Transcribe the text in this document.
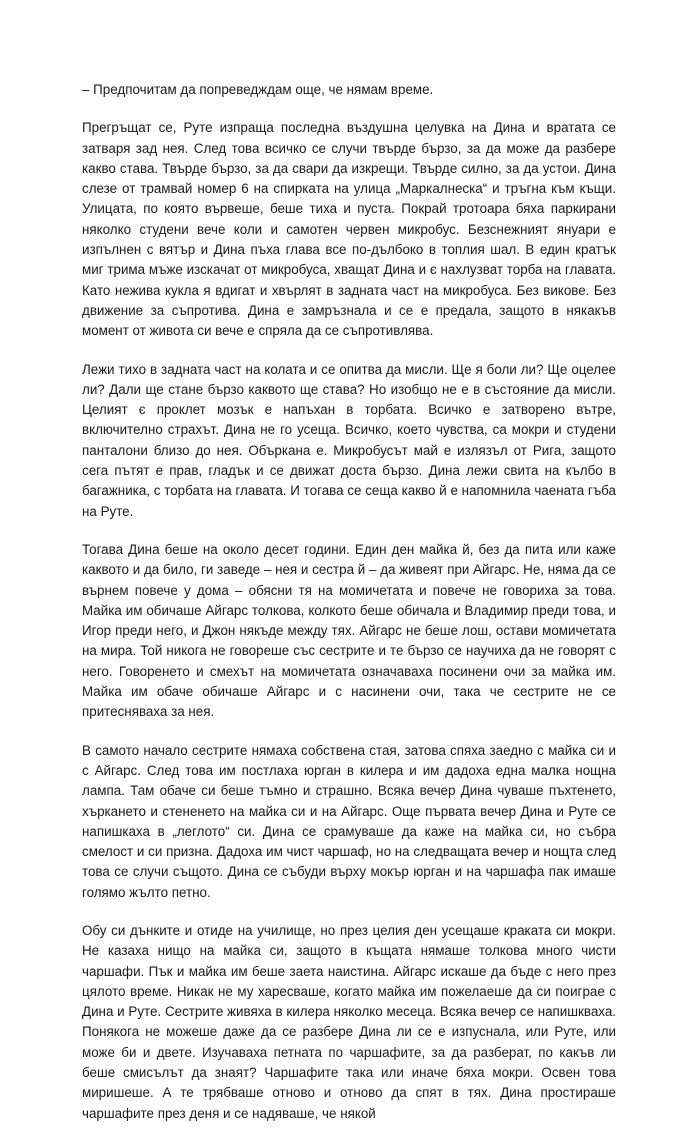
– Предпочитам да попреведждам още, че нямам време.

Прегръщат се, Руте изпраща последна въздушна целувка на Дина и вратата се затваря зад нея. След това всичко се случи твърде бързо, за да може да разбере какво става. Твърде бързо, за да свари да изкрещи. Твърде силно, за да устои. Дина слезе от трамвай номер 6 на спирката на улица „Маркалнеска“ и тръгна към къщи. Улицата, по която вървеше, беше тиха и пуста. Покрай тротоара бяха паркирани няколко студени вече коли и самотен червен микробус. Безснежният януари е изпълнен с вятър и Дина пъха глава все по-дълбоко в топлия шал. В един кратък миг трима мъже изскачат от микробуса, хващат Дина и є нахлузват торба на главата. Като нежива кукла я вдигат и хвърлят в задната част на микробуса. Без викове. Без движение за съпротива. Дина е замръзнала и се е предала, защото в някакъв момент от живота си вече е спряла да се съпротивлява.

Лежи тихо в задната част на колата и се опитва да мисли. Ще я боли ли? Ще оцелее ли? Дали ще стане бързо каквото ще става? Но изобщо не е в състояние да мисли. Целият є проклет мозък е напъхан в торбата. Всичко е затворено вътре, включително страхът. Дина не го усеща. Всичко, което чувства, са мокри и студени панталони близо до нея. Объркана е. Микробусът май е излязъл от Рига, защото сега пътят е прав, гладък и се движат доста бързо. Дина лежи свита на кълбо в багажника, с торбата на главата. И тогава се сеща какво й е напомнила чаената гъба на Руте.

Тогава Дина беше на около десет години. Един ден майка й, без да пита или каже каквото и да било, ги заведе – нея и сестра й – да живеят при Айгарс. Не, няма да се върнем повече у дома – обясни тя на момичетата и повече не говориха за това. Майка им обичаше Айгарс толкова, колкото беше обичала и Владимир преди това, и Игор преди него, и Джон някъде между тях. Айгарс не беше лош, остави момичетата на мира. Той никога не говореше със сестрите и те бързо се научиха да не говорят с него. Говоренето и смехът на момичетата означаваха посинени очи за майка им. Майка им обаче обичаше Айгарс и с насинени очи, така че сестрите не се притесняваха за нея.

В самото начало сестрите нямаха собствена стая, затова спяха заедно с майка си и с Айгарс. След това им постлаха юрган в килера и им дадоха една малка нощна лампа. Там обаче си беше тъмно и страшно. Всяка вечер Дина чуваше пъхтенето, хъркането и стененето на майка си и на Айгарс. Още първата вечер Дина и Руте се напишкаха в „леглото“ си. Дина се срамуваше да каже на майка си, но събра смелост и си призна. Дадоха им чист чаршаф, но на следващата вечер и нощта след това се случи същото. Дина се събуди върху мокър юрган и на чаршафа пак имаше голямо жълто петно.

Обу си дънките и отиде на училище, но през целия ден усещаше краката си мокри. Не казаха нищо на майка си, защото в къщата нямаше толкова много чисти чаршафи. Пък и майка им беше заета наистина. Айгарс искаше да бъде с него през цялото време. Никак не му харесваше, когато майка им пожелаеше да си поиграе с Дина и Руте. Сестрите живяха в килера няколко месеца. Всяка вечер се напишкваха. Понякога не можеше даже да се разбере Дина ли се е изпуснала, или Руте, или може би и двете. Изучаваха петната по чаршафите, за да разберат, по какъв ли беше смисълът да знаят? Чаршафите така или иначе бяха мокри. Освен това миришеше. А те трябваше отново и отново да спят в тях. Дина простираше чаршафите през деня и се надяваше, че някой
